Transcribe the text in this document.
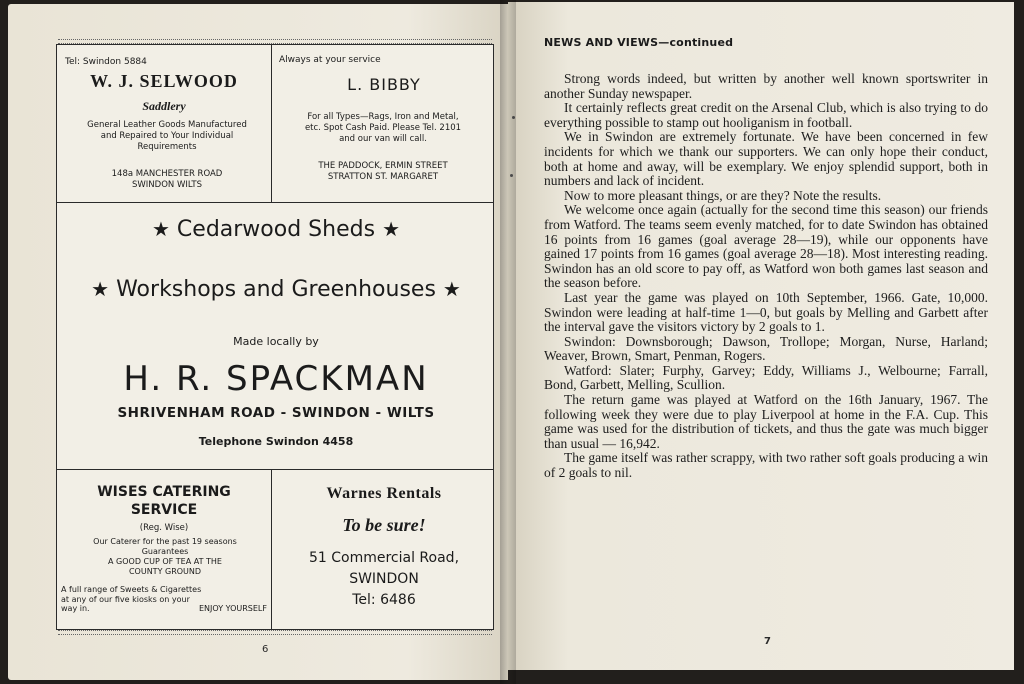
Tel: Swindon 5884
W. J. SELWOOD
Saddlery
General Leather Goods Manufactured
and Repaired to Your Individual
Requirements
148a MANCHESTER ROAD
SWINDON WILTS
Always at your service
L. BIBBY
For all Types—Rags, Iron and Metal,
etc. Spot Cash Paid. Please Tel. 2101
and our van will call.
THE PADDOCK, ERMIN STREET
STRATTON ST. MARGARET
★ Cedarwood Sheds ★
★ Workshops and Greenhouses ★
Made locally by
H. R. SPACKMAN
SHRIVENHAM ROAD - SWINDON - WILTS
Telephone Swindon 4458
WISES CATERING
SERVICE
(Reg. Wise)
Our Caterer for the past 19 seasons
Guarantees
A GOOD CUP OF TEA AT THE
COUNTY GROUND
A full range of Sweets & Cigarettes
at any of our five kiosks on your
way in.	ENJOY YOURSELF
Warnes Rentals
To be sure!
51 Commercial Road,
SWINDON
Tel: 6486
6
NEWS AND VIEWS—continued

Strong words indeed, but written by another well known sportswriter in another Sunday newspaper.

It certainly reflects great credit on the Arsenal Club, which is also trying to do everything possible to stamp out hooliganism in football.

We in Swindon are extremely fortunate. We have been concerned in few incidents for which we thank our supporters. We can only hope their conduct, both at home and away, will be exemplary. We enjoy splendid support, both in numbers and lack of incident.

Now to more pleasant things, or are they? Note the results.

We welcome once again (actually for the second time this season) our friends from Watford. The teams seem evenly matched, for to date Swindon has obtained 16 points from 16 games (goal average 28—19), while our opponents have gained 17 points from 16 games (goal average 28—18). Most interesting reading. Swindon has an old score to pay off, as Watford won both games last season and the season before.

Last year the game was played on 10th September, 1966. Gate, 10,000. Swindon were leading at half-time 1—0, but goals by Melling and Garbett after the interval gave the visitors victory by 2 goals to 1.

Swindon: Downsborough; Dawson, Trollope; Morgan, Nurse, Harland; Weaver, Brown, Smart, Penman, Rogers.

Watford: Slater; Furphy, Garvey; Eddy, Williams J., Welbourne; Farrall, Bond, Garbett, Melling, Scullion.

The return game was played at Watford on the 16th January, 1967. The following week they were due to play Liverpool at home in the F.A. Cup. This game was used for the distribution of tickets, and thus the gate was much bigger than usual — 16,942.

The game itself was rather scrappy, with two rather soft goals producing a win of 2 goals to nil.

7
